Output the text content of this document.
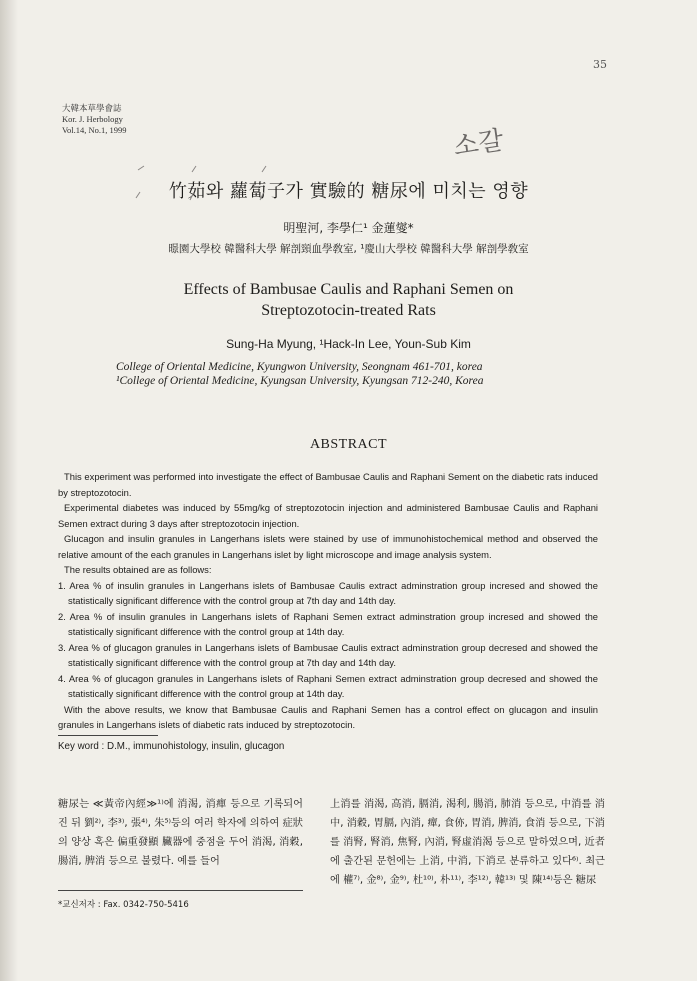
35

大韓本草學會誌
Kor. J. Herbology
Vol.14, No.1, 1999	소갈
竹茹와 蘿蔔子가 實驗的 糖尿에 미치는 영향
明聖河, 李學仁¹ 金蓮燮*
暻園大學校 韓醫科大學 解剖頸血學敎室, ¹慶山大學校 韓醫科大學 解剖學敎室
Effects of Bambusae Caulis and Raphani Semen on
Streptozotocin-treated Rats
Sung-Ha Myung, ¹Hack-In Lee, Youn-Sub Kim
College of Oriental Medicine, Kyungwon University, Seongnam 461-701, korea
¹College of Oriental Medicine, Kyungsan University, Kyungsan 712-240, Korea
ABSTRACT

This experiment was performed into investigate the effect of Bambusae Caulis and Raphani Sement on the diabetic rats induced by streptozotocin.

Experimental diabetes was induced by 55mg/kg of streptozotocin injection and administered Bambusae Caulis and Raphani Semen extract during 3 days after streptozotocin injection.

Glucagon and insulin granules in Langerhans islets were stained by use of immunohistochemical method and observed the relative amount of the each granules in Langerhans islet by light microscope and image analysis system.

The results obtained are as follows:

1. Area % of insulin granules in Langerhans islets of Bambusae Caulis extract adminstration group incresed and showed the statistically significant difference with the control group at 7th day and 14th day.

2. Area % of insulin granules in Langerhans islets of Raphani Semen extract adminstration group incresed and showed the statistically significant difference with the control group at 14th day.

3. Area % of glucagon granules in Langerhans islets of Bambusae Caulis extract adminstration group decresed and showed the statistically significant difference with the control group at 7th day and 14th day.

4. Area % of glucagon granules in Langerhans islets of Raphani Semen extract adminstration group decresed and showed the statistically significant difference with the control group at 14th day.

With the above results, we know that Bambusae Caulis and Raphani Semen has a control effect on glucagon and insulin granules in Langerhans islets of diabetic rats induced by streptozotocin.

Key word : D.M., immunohistology, insulin, glucagon

糖尿는 ≪黃帝內經≫¹⁾에 消渴, 消癉 등으로 기록되어진 뒤 劉²⁾, 李³⁾, 張⁴⁾, 朱⁵⁾등의 여러 학자에 의하여 症狀의 양상 혹은 偏重發顯 臟器에 중점을 두어 消渴, 消穀, 腸消, 脾消 등으로 불렸다. 예를 들어

上消를 消渴, 高消, 膈消, 渴利, 腸消, 肺消 등으로, 中消를 消中, 消穀, 胃膈, 內消, 癉, 食㑊, 胃消, 脾消, 食消 등으로, 下消를 消腎, 腎消, 焦腎, 內消, 腎虛消渴 등으로 말하였으며, 近者에 출간된 문헌에는 上消, 中消, 下消로 분류하고 있다⁶⁾. 최근에 權⁷⁾, 金⁸⁾, 金⁹⁾, 杜¹⁰⁾, 朴¹¹⁾, 李¹²⁾, 韓¹³⁾ 및 陳¹⁴⁾등은 糖尿

*교신저자 : Fax. 0342-750-5416
